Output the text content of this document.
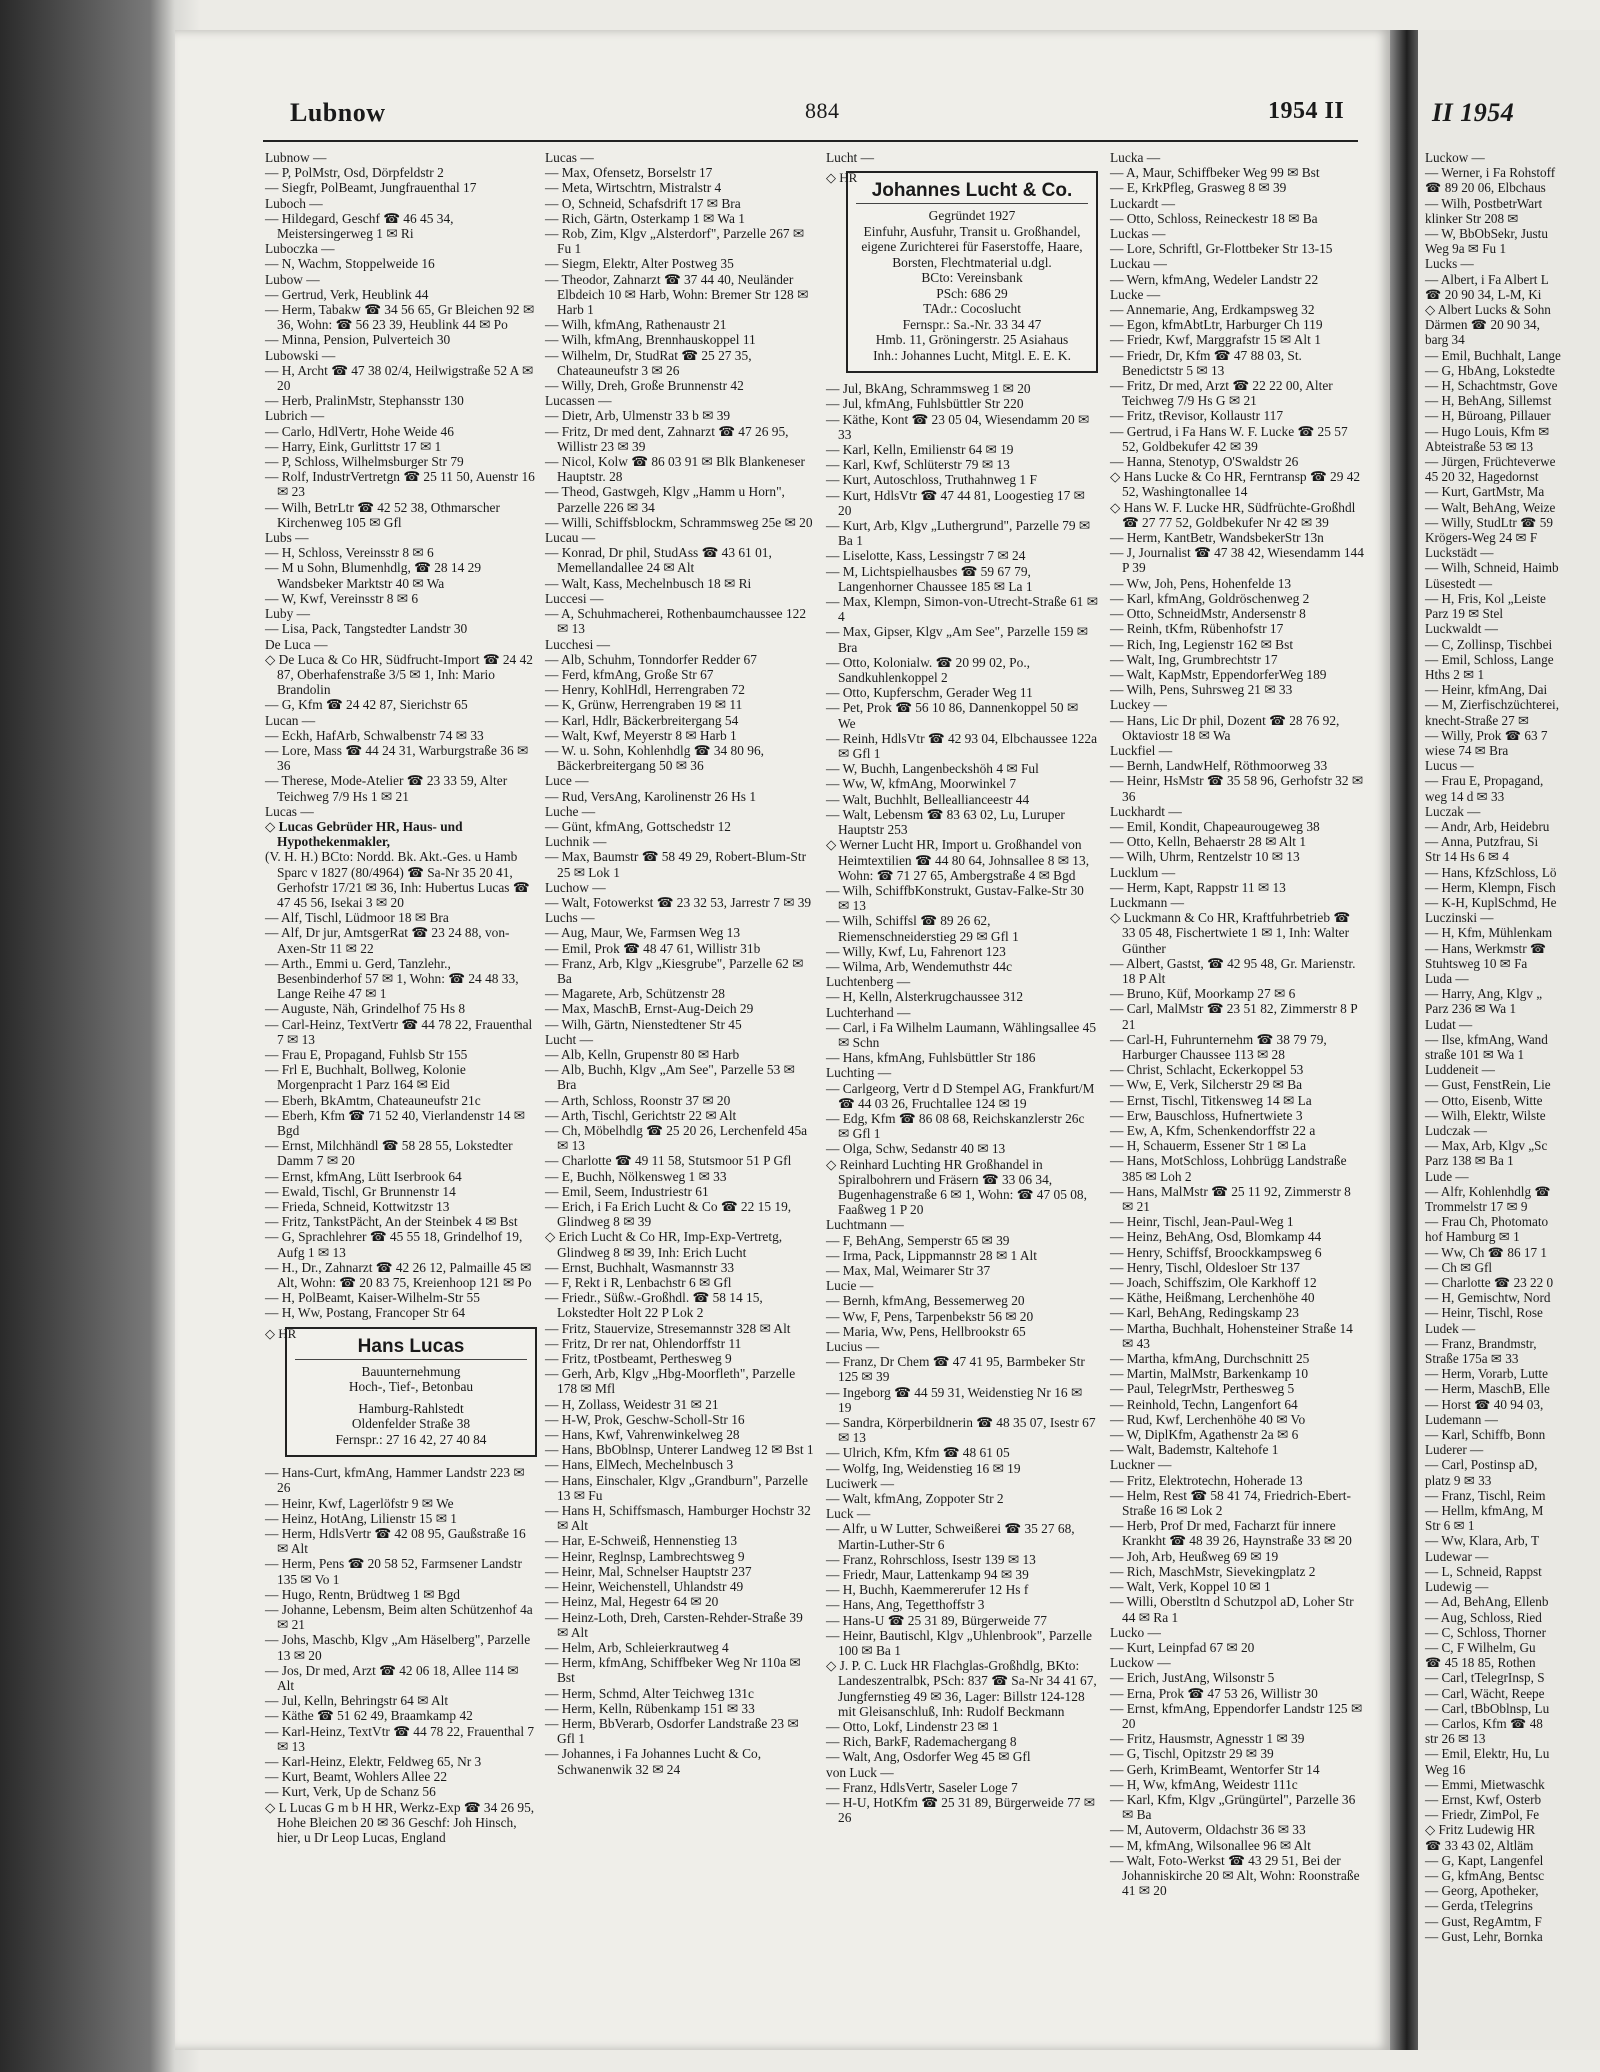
Lubnow	884	1954 II	II 1954

Lubnow —

— P, PolMstr, Osd, Dörpfeldstr 2

— Siegfr, PolBeamt, Jungfrauenthal 17

Luboch —

— Hildegard, Geschf ☎ 46 45 34, Meistersingerweg 1 ✉ Ri

Luboczka —

— N, Wachm, Stoppelweide 16

Lubow —

— Gertrud, Verk, Heublink 44

— Herm, Tabakw ☎ 34 56 65, Gr Bleichen 92 ✉ 36, Wohn: ☎ 56 23 39, Heublink 44 ✉ Po

— Minna, Pension, Pulverteich 30

Lubowski —

— H, Archt ☎ 47 38 02/4, Heilwigstraße 52 A ✉ 20

— Herb, PralinMstr, Stephansstr 130

Lubrich —

— Carlo, HdlVertr, Hohe Weide 46

— Harry, Eink, Gurlittstr 17 ✉ 1

— P, Schloss, Wilhelmsburger Str 79

— Rolf, IndustrVertretgn ☎ 25 11 50, Auenstr 16 ✉ 23

— Wilh, BetrLtr ☎ 42 52 38, Othmarscher Kirchenweg 105 ✉ Gfl

Lubs —

— H, Schloss, Vereinsstr 8 ✉ 6

— M u Sohn, Blumenhdlg, ☎ 28 14 29 Wandsbeker Marktstr 40 ✉ Wa

— W, Kwf, Vereinsstr 8 ✉ 6

Luby —

— Lisa, Pack, Tangstedter Landstr 30

De Luca —

◇ De Luca & Co HR, Südfrucht-Import ☎ 24 42 87, Oberhafenstraße 3/5 ✉ 1, Inh: Mario Brandolin

— G, Kfm ☎ 24 42 87, Sierichstr 65

Lucan —

— Eckh, HafArb, Schwalbenstr 74 ✉ 33

— Lore, Mass ☎ 44 24 31, Warburgstraße 36 ✉ 36

— Therese, Mode-Atelier ☎ 23 33 59, Alter Teichweg 7/9 Hs 1 ✉ 21

Lucas —

◇ Lucas Gebrüder HR, Haus- und Hypothekenmakler,

(V. H. H.) BCto: Nordd. Bk. Akt.-Ges. u Hamb Sparc v 1827 (80/4964) ☎ Sa-Nr 35 20 41, Gerhofstr 17/21 ✉ 36, Inh: Hubertus Lucas ☎ 47 45 56, Isekai 3 ✉ 20

— Alf, Tischl, Lüdmoor 18 ✉ Bra

— Alf, Dr jur, AmtsgerRat ☎ 23 24 88, von-Axen-Str 11 ✉ 22

— Arth., Emmi u. Gerd, Tanzlehr., Besenbinderhof 57 ✉ 1, Wohn: ☎ 24 48 33, Lange Reihe 47 ✉ 1

— Auguste, Näh, Grindelhof 75 Hs 8

— Carl-Heinz, TextVertr ☎ 44 78 22, Frauenthal 7 ✉ 13

— Frau E, Propagand, Fuhlsb Str 155

— Frl E, Buchhalt, Bollweg, Kolonie Morgenpracht 1 Parz 164 ✉ Eid

— Eberh, BkAmtm, Chateauneufstr 21c

— Eberh, Kfm ☎ 71 52 40, Vierlandenstr 14 ✉ Bgd

— Ernst, Milchhändl ☎ 58 28 55, Lokstedter Damm 7 ✉ 20

— Ernst, kfmAng, Lütt Iserbrook 64

— Ewald, Tischl, Gr Brunnenstr 14

— Frieda, Schneid, Kottwitzstr 13

— Fritz, TankstPächt, An der Steinbek 4 ✉ Bst

— G, Sprachlehrer ☎ 45 55 18, Grindelhof 19, Aufg 1 ✉ 13

— H., Dr., Zahnarzt ☎ 42 26 12, Palmaille 45 ✉ Alt, Wohn: ☎ 20 83 75, Kreienhoop 121 ✉ Po

— H, PolBeamt, Kaiser-Wilhelm-Str 55

— H, Ww, Postang, Francoper Str 64

◇ HR
Hans Lucas
Bauunternehmung
Hoch-, Tief-, Betonbau
Hamburg-Rahlstedt
Oldenfelder Straße 38
Fernspr.: 27 16 42, 27 40 84

— Hans-Curt, kfmAng, Hammer Landstr 223 ✉ 26

— Heinr, Kwf, Lagerlöfstr 9 ✉ We

— Heinz, HotAng, Lilienstr 15 ✉ 1

— Herm, HdlsVertr ☎ 42 08 95, Gaußstraße 16 ✉ Alt

— Herm, Pens ☎ 20 58 52, Farmsener Landstr 135 ✉ Vo 1

— Hugo, Rentn, Brüdtweg 1 ✉ Bgd

— Johanne, Lebensm, Beim alten Schützenhof 4a ✉ 21

— Johs, Maschb, Klgv „Am Häselberg", Parzelle 13 ✉ 20

— Jos, Dr med, Arzt ☎ 42 06 18, Allee 114 ✉ Alt

— Jul, Kelln, Behringstr 64 ✉ Alt

— Käthe ☎ 51 62 49, Braamkamp 42

— Karl-Heinz, TextVtr ☎ 44 78 22, Frauenthal 7 ✉ 13

— Karl-Heinz, Elektr, Feldweg 65, Nr 3

— Kurt, Beamt, Wohlers Allee 22

— Kurt, Verk, Up de Schanz 56

◇ L Lucas G m b H HR, Werkz-Exp ☎ 34 26 95, Hohe Bleichen 20 ✉ 36 Geschf: Joh Hinsch, hier, u Dr Leop Lucas, England

Lucas —

— Max, Ofensetz, Borselstr 17

— Meta, Wirtschtrn, Mistralstr 4

— O, Schneid, Schafsdrift 17 ✉ Bra

— Rich, Gärtn, Osterkamp 1 ✉ Wa 1

— Rob, Zim, Klgv „Alsterdorf", Parzelle 267 ✉ Fu 1

— Siegm, Elektr, Alter Postweg 35

— Theodor, Zahnarzt ☎ 37 44 40, Neuländer Elbdeich 10 ✉ Harb, Wohn: Bremer Str 128 ✉ Harb 1

— Wilh, kfmAng, Rathenaustr 21

— Wilh, kfmAng, Brennhauskoppel 11

— Wilhelm, Dr, StudRat ☎ 25 27 35, Chateauneufstr 3 ✉ 26

— Willy, Dreh, Große Brunnenstr 42

Lucassen —

— Dietr, Arb, Ulmenstr 33 b ✉ 39

— Fritz, Dr med dent, Zahnarzt ☎ 47 26 95, Willistr 23 ✉ 39

— Nicol, Kolw ☎ 86 03 91 ✉ Blk Blankeneser Hauptstr. 28

— Theod, Gastwgeh, Klgv „Hamm u Horn", Parzelle 226 ✉ 34

— Willi, Schiffsblockm, Schrammsweg 25e ✉ 20

Lucau —

— Konrad, Dr phil, StudAss ☎ 43 61 01, Memellandallee 24 ✉ Alt

— Walt, Kass, Mechelnbusch 18 ✉ Ri

Luccesi —

— A, Schuhmacherei, Rothenbaumchaussee 122 ✉ 13

Lucchesi —

— Alb, Schuhm, Tonndorfer Redder 67

— Ferd, kfmAng, Große Str 67

— Henry, KohlHdl, Herrengraben 72

— K, Grünw, Herrengraben 19 ✉ 11

— Karl, Hdlr, Bäckerbreitergang 54

— Walt, Kwf, Meyerstr 8 ✉ Harb 1

— W. u. Sohn, Kohlenhdlg ☎ 34 80 96, Bäckerbreitergang 50 ✉ 36

Luce —

— Rud, VersAng, Karolinenstr 26 Hs 1

Luche —

— Günt, kfmAng, Gottschedstr 12

Luchnik —

— Max, Baumstr ☎ 58 49 29, Robert-Blum-Str 25 ✉ Lok 1

Luchow —

— Walt, Fotowerkst ☎ 23 32 53, Jarrestr 7 ✉ 39

Luchs —

— Aug, Maur, We, Farmsen Weg 13

— Emil, Prok ☎ 48 47 61, Willistr 31b

— Franz, Arb, Klgv „Kiesgrube", Parzelle 62 ✉ Ba

— Magarete, Arb, Schützenstr 28

— Max, MaschB, Ernst-Aug-Deich 29

— Wilh, Gärtn, Nienstedtener Str 45

Lucht —

— Alb, Kelln, Grupenstr 80 ✉ Harb

— Alb, Buchh, Klgv „Am See", Parzelle 53 ✉ Bra

— Arth, Schloss, Roonstr 37 ✉ 20

— Arth, Tischl, Gerichtstr 22 ✉ Alt

— Ch, Möbelhdlg ☎ 25 20 26, Lerchenfeld 45a ✉ 13

— Charlotte ☎ 49 11 58, Stutsmoor 51 P Gfl

— E, Buchh, Nölkensweg 1 ✉ 33

— Emil, Seem, Industriestr 61

— Erich, i Fa Erich Lucht & Co ☎ 22 15 19, Glindweg 8 ✉ 39

◇ Erich Lucht & Co HR, Imp-Exp-Vertretg, Glindweg 8 ✉ 39, Inh: Erich Lucht

— Ernst, Buchhalt, Wasmannstr 33

— F, Rekt i R, Lenbachstr 6 ✉ Gfl

— Friedr., Süßw.-Großhdl. ☎ 58 14 15, Lokstedter Holt 22 P Lok 2

— Fritz, Stauervize, Stresemannstr 328 ✉ Alt

— Fritz, Dr rer nat, Ohlendorffstr 11

— Fritz, tPostbeamt, Perthesweg 9

— Gerh, Arb, Klgv „Hbg-Moorfleth", Parzelle 178 ✉ Mfl

— H, Zollass, Weidestr 31 ✉ 21

— H-W, Prok, Geschw-Scholl-Str 16

— Hans, Kwf, Vahrenwinkelweg 28

— Hans, BbOblnsp, Unterer Landweg 12 ✉ Bst 1

— Hans, ElMech, Mechelnbusch 3

— Hans, Einschaler, Klgv „Grandburn", Parzelle 13 ✉ Fu

— Hans H, Schiffsmasch, Hamburger Hochstr 32 ✉ Alt

— Har, E-Schweiß, Hennenstieg 13

— Heinr, Reglnsp, Lambrechtsweg 9

— Heinr, Mal, Schnelser Hauptstr 237

— Heinr, Weichenstell, Uhlandstr 49

— Heinz, Mal, Hegestr 64 ✉ 20

— Heinz-Loth, Dreh, Carsten-Rehder-Straße 39 ✉ Alt

— Helm, Arb, Schleierkrautweg 4

— Herm, kfmAng, Schiffbeker Weg Nr 110a ✉ Bst

— Herm, Schmd, Alter Teichweg 131c

— Herm, Kelln, Rübenkamp 151 ✉ 33

— Herm, BbVerarb, Osdorfer Landstraße 23 ✉ Gfl 1

— Johannes, i Fa Johannes Lucht & Co, Schwanenwik 32 ✉ 24

Lucht —

◇ HR
Johannes Lucht & Co.
Gegründet 1927
Einfuhr, Ausfuhr, Transit u. Großhandel, eigene Zurichterei für Faserstoffe, Haare, Borsten, Flechtmaterial u.dgl.
BCto: Vereinsbank
PSch: 686 29
TAdr.: Cocoslucht
Fernspr.: Sa.-Nr. 33 34 47
Hmb. 11, Gröningerstr. 25 Asiahaus
Inh.: Johannes Lucht, Mitgl. E. E. K.

— Jul, BkAng, Schrammsweg 1 ✉ 20

— Jul, kfmAng, Fuhlsbüttler Str 220

— Käthe, Kont ☎ 23 05 04, Wiesendamm 20 ✉ 33

— Karl, Kelln, Emilienstr 64 ✉ 19

— Karl, Kwf, Schlüterstr 79 ✉ 13

— Kurt, Autoschloss, Truthahnweg 1 F

— Kurt, HdlsVtr ☎ 47 44 81, Loogestieg 17 ✉ 20

— Kurt, Arb, Klgv „Luthergrund", Parzelle 79 ✉ Ba 1

— Liselotte, Kass, Lessingstr 7 ✉ 24

— M, Lichtspielhausbes ☎ 59 67 79, Langenhorner Chaussee 185 ✉ La 1

— Max, Klempn, Simon-von-Utrecht-Straße 61 ✉ 4

— Max, Gipser, Klgv „Am See", Parzelle 159 ✉ Bra

— Otto, Kolonialw. ☎ 20 99 02, Po., Sandkuhlenkoppel 2

— Otto, Kupferschm, Gerader Weg 11

— Pet, Prok ☎ 56 10 86, Dannenkoppel 50 ✉ We

— Reinh, HdlsVtr ☎ 42 93 04, Elbchaussee 122a ✉ Gfl 1

— W, Buchh, Langenbeckshöh 4 ✉ Ful

— Ww, W, kfmAng, Moorwinkel 7

— Walt, Buchhlt, Belleallianceestr 44

— Walt, Lebensm ☎ 83 63 02, Lu, Luruper Hauptstr 253

◇ Werner Lucht HR, Import u. Großhandel von Heimtextilien ☎ 44 80 64, Johnsallee 8 ✉ 13, Wohn: ☎ 71 27 65, Ambergstraße 4 ✉ Bgd

— Wilh, SchiffbKonstrukt, Gustav-Falke-Str 30 ✉ 13

— Wilh, Schiffsl ☎ 89 26 62, Riemenschneiderstieg 29 ✉ Gfl 1

— Willy, Kwf, Lu, Fahrenort 123

— Wilma, Arb, Wendemuthstr 44c

Luchtenberg —

— H, Kelln, Alsterkrugchaussee 312

Luchterhand —

— Carl, i Fa Wilhelm Laumann, Wählingsallee 45 ✉ Schn

— Hans, kfmAng, Fuhlsbüttler Str 186

Luchting —

— Carlgeorg, Vertr d D Stempel AG, Frankfurt/M ☎ 44 03 26, Fruchtallee 124 ✉ 19

— Edg, Kfm ☎ 86 08 68, Reichskanzlerstr 26c ✉ Gfl 1

— Olga, Schw, Sedanstr 40 ✉ 13

◇ Reinhard Luchting HR Großhandel in Spiralbohrern und Fräsern ☎ 33 06 34, Bugenhagenstraße 6 ✉ 1, Wohn: ☎ 47 05 08, Faaßweg 1 P 20

Luchtmann —

— F, BehAng, Semperstr 65 ✉ 39

— Irma, Pack, Lippmannstr 28 ✉ 1 Alt

— Max, Mal, Weimarer Str 37

Lucie —

— Bernh, kfmAng, Bessemerweg 20

— Ww, F, Pens, Tarpenbekstr 56 ✉ 20

— Maria, Ww, Pens, Hellbrookstr 65

Lucius —

— Franz, Dr Chem ☎ 47 41 95, Barmbeker Str 125 ✉ 39

— Ingeborg ☎ 44 59 31, Weidenstieg Nr 16 ✉ 19

— Sandra, Körperbildnerin ☎ 48 35 07, Isestr 67 ✉ 13

— Ulrich, Kfm, Kfm ☎ 48 61 05

— Wolfg, Ing, Weidenstieg 16 ✉ 19

Luciwerk —

— Walt, kfmAng, Zoppoter Str 2

Luck —

— Alfr, u W Lutter, Schweißerei ☎ 35 27 68, Martin-Luther-Str 6

— Franz, Rohrschloss, Isestr 139 ✉ 13

— Friedr, Maur, Lattenkamp 94 ✉ 39

— H, Buchh, Kaemmererufer 12 Hs f

— Hans, Ang, Tegetthoffstr 3

— Hans-U ☎ 25 31 89, Bürgerweide 77

— Heinr, Bautischl, Klgv „Uhlenbrook", Parzelle 100 ✉ Ba 1

◇ J. P. C. Luck HR Flachglas-Großhdlg, BKto: Landeszentralbk, PSch: 837 ☎ Sa-Nr 34 41 67, Jungfernstieg 49 ✉ 36, Lager: Billstr 124-128 mit Gleisanschluß, Inh: Rudolf Beckmann

— Otto, Lokf, Lindenstr 23 ✉ 1

— Rich, BarkF, Rademachergang 8

— Walt, Ang, Osdorfer Weg 45 ✉ Gfl

von Luck —

— Franz, HdlsVertr, Saseler Loge 7

— H-U, HotKfm ☎ 25 31 89, Bürgerweide 77 ✉ 26

Lucka —

— A, Maur, Schiffbeker Weg 99 ✉ Bst

— E, KrkPfleg, Grasweg 8 ✉ 39

Luckardt —

— Otto, Schloss, Reineckestr 18 ✉ Ba

Luckas —

— Lore, Schriftl, Gr-Flottbeker Str 13-15

Luckau —

— Wern, kfmAng, Wedeler Landstr 22

Lucke —

— Annemarie, Ang, Erdkampsweg 32

— Egon, kfmAbtLtr, Harburger Ch 119

— Friedr, Kwf, Marggrafstr 15 ✉ Alt 1

— Friedr, Dr, Kfm ☎ 47 88 03, St. Benedictstr 5 ✉ 13

— Fritz, Dr med, Arzt ☎ 22 22 00, Alter Teichweg 7/9 Hs G ✉ 21

— Fritz, tRevisor, Kollaustr 117

— Gertrud, i Fa Hans W. F. Lucke ☎ 25 57 52, Goldbekufer 42 ✉ 39

— Hanna, Stenotyp, O'Swaldstr 26

◇ Hans Lucke & Co HR, Ferntransp ☎ 29 42 52, Washingtonallee 14

◇ Hans W. F. Lucke HR, Südfrüchte-Großhdl ☎ 27 77 52, Goldbekufer Nr 42 ✉ 39

— Herm, KantBetr, WandsbekerStr 13n

— J, Journalist ☎ 47 38 42, Wiesendamm 144 P 39

— Ww, Joh, Pens, Hohenfelde 13

— Karl, kfmAng, Goldröschenweg 2

— Otto, SchneidMstr, Andersenstr 8

— Reinh, tKfm, Rübenhofstr 17

— Rich, Ing, Legienstr 162 ✉ Bst

— Walt, Ing, Grumbrechtstr 17

— Walt, KapMstr, EppendorferWeg 189

— Wilh, Pens, Suhrsweg 21 ✉ 33

Luckey —

— Hans, Lic Dr phil, Dozent ☎ 28 76 92, Oktaviostr 18 ✉ Wa

Luckfiel —

— Bernh, LandwHelf, Röthmoorweg 33

— Heinr, HsMstr ☎ 35 58 96, Gerhofstr 32 ✉ 36

Luckhardt —

— Emil, Kondit, Chapeaurougeweg 38

— Otto, Kelln, Behaerstr 28 ✉ Alt 1

— Wilh, Uhrm, Rentzelstr 10 ✉ 13

Lucklum —

— Herm, Kapt, Rappstr 11 ✉ 13

Luckmann —

◇ Luckmann & Co HR, Kraftfuhrbetrieb ☎ 33 05 48, Fischertwiete 1 ✉ 1, Inh: Walter Günther

— Albert, Gastst, ☎ 42 95 48, Gr. Marienstr. 18 P Alt

— Bruno, Küf, Moorkamp 27 ✉ 6

— Carl, MalMstr ☎ 23 51 82, Zimmerstr 8 P 21

— Carl-H, Fuhrunternehm ☎ 38 79 79, Harburger Chaussee 113 ✉ 28

— Christ, Schlacht, Eckerkoppel 53

— Ww, E, Verk, Silcherstr 29 ✉ Ba

— Ernst, Tischl, Titkensweg 14 ✉ La

— Erw, Bauschloss, Hufnertwiete 3

— Ew, A, Kfm, Schenkendorffstr 22 a

— H, Schauerm, Essener Str 1 ✉ La

— Hans, MotSchloss, Lohbrügg Landstraße 385 ✉ Loh 2

— Hans, MalMstr ☎ 25 11 92, Zimmerstr 8 ✉ 21

— Heinr, Tischl, Jean-Paul-Weg 1

— Heinz, BehAng, Osd, Blomkamp 44

— Henry, Schiffsf, Broockkampsweg 6

— Henry, Tischl, Oldesloer Str 137

— Joach, Schiffszim, Ole Karkhoff 12

— Käthe, Heißmang, Lerchenhöhe 40

— Karl, BehAng, Redingskamp 23

— Martha, Buchhalt, Hohensteiner Straße 14 ✉ 43

— Martha, kfmAng, Durchschnitt 25

— Martin, MalMstr, Barkenkamp 10

— Paul, TelegrMstr, Perthesweg 5

— Reinhold, Techn, Langenfort 64

— Rud, Kwf, Lerchenhöhe 40 ✉ Vo

— W, DiplKfm, Agathenstr 2a ✉ 6

— Walt, Bademstr, Kaltehofe 1

Luckner —

— Fritz, Elektrotechn, Hoherade 13

— Helm, Rest ☎ 58 41 74, Friedrich-Ebert-Straße 16 ✉ Lok 2

— Herb, Prof Dr med, Facharzt für innere Krankht ☎ 48 39 26, Haynstraße 33 ✉ 20

— Joh, Arb, Heußweg 69 ✉ 19

— Rich, MaschMstr, Sievekingplatz 2

— Walt, Verk, Koppel 10 ✉ 1

— Willi, Oberstltn d Schutzpol aD, Loher Str 44 ✉ Ra 1

Lucko —

— Kurt, Leinpfad 67 ✉ 20

Luckow —

— Erich, JustAng, Wilsonstr 5

— Erna, Prok ☎ 47 53 26, Willistr 30

— Ernst, kfmAng, Eppendorfer Landstr 125 ✉ 20

— Fritz, Hausmstr, Agnesstr 1 ✉ 39

— G, Tischl, Opitzstr 29 ✉ 39

— Gerh, KrimBeamt, Wentorfer Str 14

— H, Ww, kfmAng, Weidestr 111c

— Karl, Kfm, Klgv „Grüngürtel", Parzelle 36 ✉ Ba

— M, Autoverm, Oldachstr 36 ✉ 33

— M, kfmAng, Wilsonallee 96 ✉ Alt

— Walt, Foto-Werkst ☎ 43 29 51, Bei der Johanniskirche 20 ✉ Alt, Wohn: Roonstraße 41 ✉ 20

Luckow —

— Werner, i Fa Rohstoff

☎ 89 20 06, Elbchaus

— Wilh, PostbetrWart

klinker Str 208 ✉

— W, BbObSekr, Justu

Weg 9a ✉ Fu 1

Lucks —

— Albert, i Fa Albert L

☎ 20 90 34, L-M, Ki

◇ Albert Lucks & Sohn

Därmen ☎ 20 90 34,

barg 34

— Emil, Buchhalt, Lange

— G, HbAng, Lokstedte

— H, Schachtmstr, Gove

— H, BehAng, Sillemst

— H, Büroang, Pillauer

— Hugo Louis, Kfm ✉

Abteistraße 53 ✉ 13

— Jürgen, Früchteverwe

45 20 32, Hagedornst

— Kurt, GartMstr, Ma

— Walt, BehAng, Weize

— Willy, StudLtr ☎ 59

Krögers-Weg 24 ✉ F

Luckstädt —

— Wilh, Schneid, Haimb

Lüsestedt —

— H, Fris, Kol „Leiste

Parz 19 ✉ Stel

Luckwaldt —

— C, Zollinsp, Tischbei

— Emil, Schloss, Lange

Hths 2 ✉ 1

— Heinr, kfmAng, Dai

— M, Zierfischzüchterei,

knecht-Straße 27 ✉

— Willy, Prok ☎ 63 7

wiese 74 ✉ Bra

Lucus —

— Frau E, Propagand,

weg 14 d ✉ 33

Luczak —

— Andr, Arb, Heidebru

— Anna, Putzfrau, Si

Str 14 Hs 6 ✉ 4

— Hans, KfzSchloss, Lö

— Herm, Klempn, Fisch

— K-H, KuplSchmd, He

Luczinski —

— H, Kfm, Mühlenkam

— Hans, Werkmstr ☎

Stuhtsweg 10 ✉ Fa

Luda —

— Harry, Ang, Klgv „

Parz 236 ✉ Wa 1

Ludat —

— Ilse, kfmAng, Wand

straße 101 ✉ Wa 1

Luddeneit —

— Gust, FenstRein, Lie

— Otto, Eisenb, Witte

— Wilh, Elektr, Wilste

Ludczak —

— Max, Arb, Klgv „Sc

Parz 138 ✉ Ba 1

Lude —

— Alfr, Kohlenhdlg ☎

Trommelstr 17 ✉ 9

— Frau Ch, Photomato

hof Hamburg ✉ 1

— Ww, Ch ☎ 86 17 1

— Ch ✉ Gfl

— Charlotte ☎ 23 22 0

— H, Gemischtw, Nord

— Heinr, Tischl, Rose

Ludek —

— Franz, Brandmstr,

Straße 175a ✉ 33

— Herm, Vorarb, Lutte

— Herm, MaschB, Elle

— Horst ☎ 40 94 03,

Ludemann —

— Karl, Schiffb, Bonn

Luderer —

— Carl, Postinsp aD,

platz 9 ✉ 33

— Franz, Tischl, Reim

— Hellm, kfmAng, M

Str 6 ✉ 1

— Ww, Klara, Arb, T

Ludewar —

— L, Schneid, Rappst

Ludewig —

— Ad, BehAng, Ellenb

— Aug, Schloss, Ried

— C, Schloss, Thorner

— C, F Wilhelm, Gu

☎ 45 18 85, Rothen

— Carl, tTelegrInsp, S

— Carl, Wächt, Reepe

— Carl, tBbOblnsp, Lu

— Carlos, Kfm ☎ 48

str 26 ✉ 13

— Emil, Elektr, Hu, Lu

Weg 16

— Emmi, Mietwaschk

— Ernst, Kwf, Osterb

— Friedr, ZimPol, Fe

◇ Fritz Ludewig HR

☎ 33 43 02, Altläm

— G, Kapt, Langenfel

— G, kfmAng, Bentsc

— Georg, Apotheker,

— Gerda, tTelegrins

— Gust, RegAmtm, F

— Gust, Lehr, Bornka
